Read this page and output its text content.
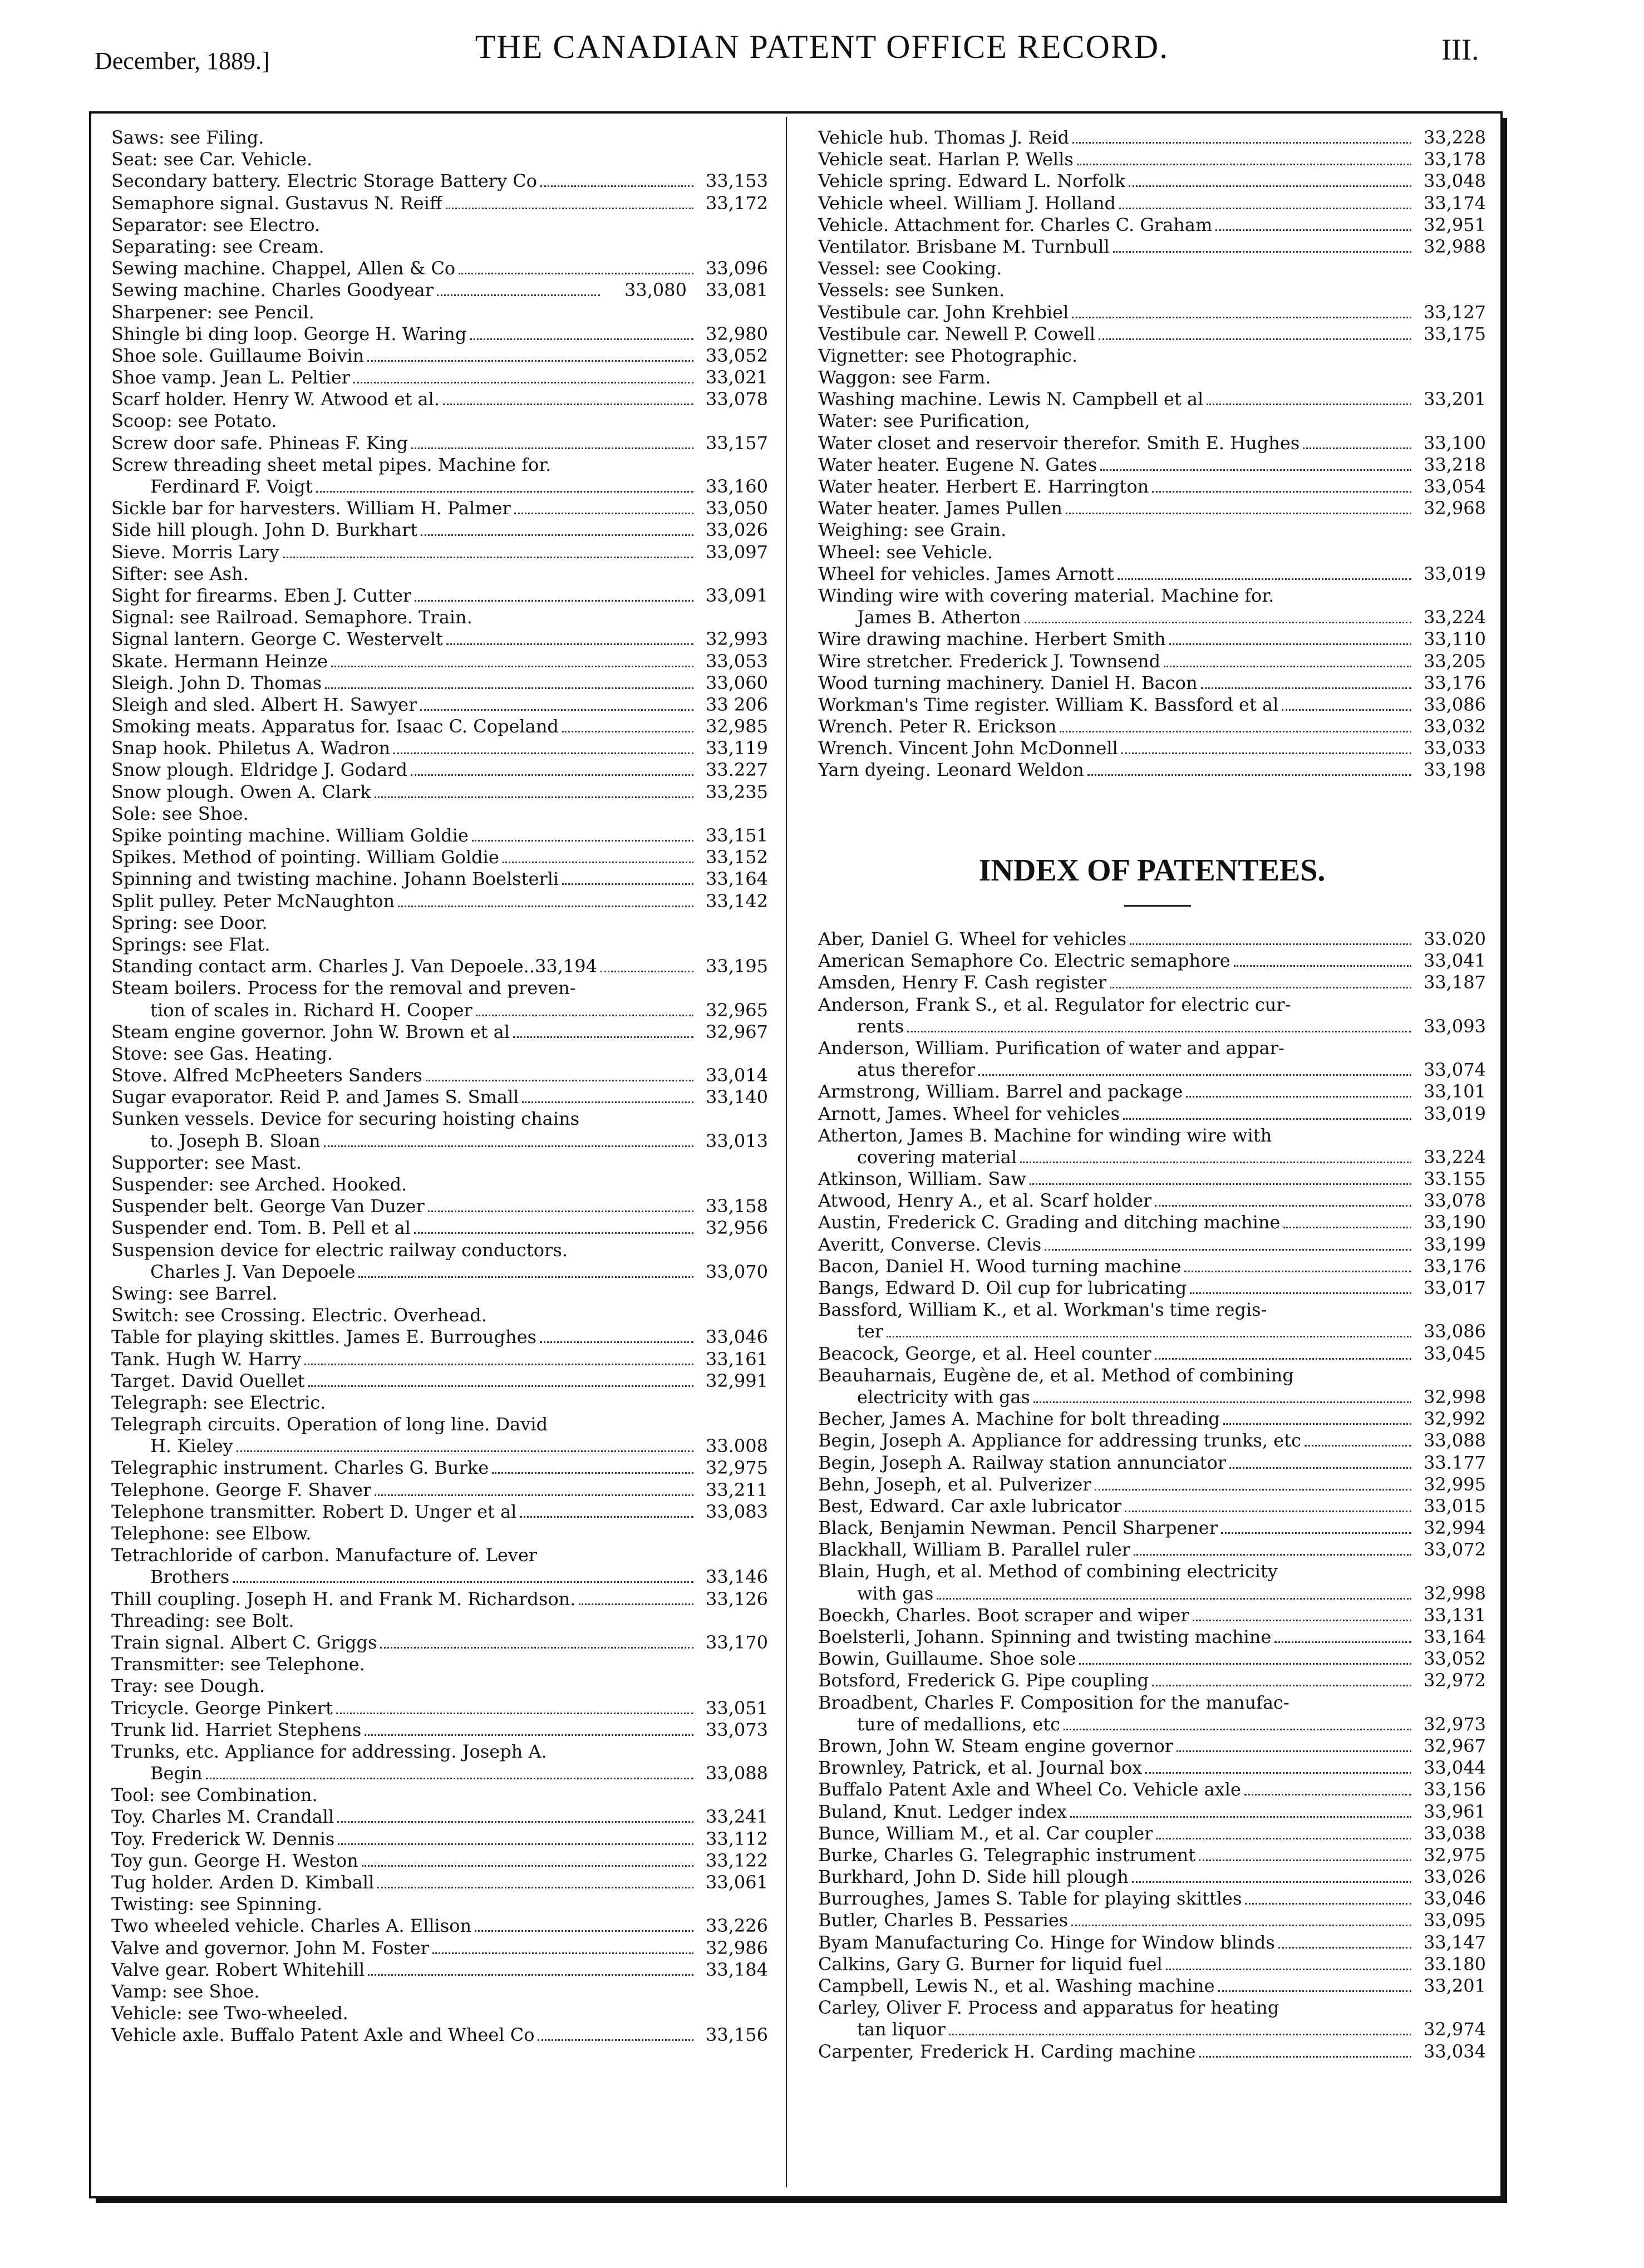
December, 1889.]	THE CANADIAN PATENT OFFICE RECORD.	III.
Saws: see Filing.
Seat: see Car. Vehicle.
Secondary battery. Electric Storage Battery Co	33,153
Semaphore signal. Gustavus N. Reiff	33,172
Separator: see Electro.
Separating: see Cream.
Sewing machine. Chappel, Allen & Co	33,096
Sewing machine. Charles Goodyear	33,080	33,081
Sharpener: see Pencil.
Shingle bi ding loop. George H. Waring	32,980
Shoe sole. Guillaume Boivin	33,052
Shoe vamp. Jean L. Peltier	33,021
Scarf holder. Henry W. Atwood et al.	33,078
Scoop: see Potato.
Screw door safe. Phineas F. King	33,157
Screw threading sheet metal pipes. Machine for.
Ferdinard F. Voigt	33,160
Sickle bar for harvesters. William H. Palmer	33,050
Side hill plough. John D. Burkhart	33,026
Sieve. Morris Lary	33,097
Sifter: see Ash.
Sight for firearms. Eben J. Cutter	33,091
Signal: see Railroad. Semaphore. Train.
Signal lantern. George C. Westervelt	32,993
Skate. Hermann Heinze	33,053
Sleigh. John D. Thomas	33,060
Sleigh and sled. Albert H. Sawyer	33 206
Smoking meats. Apparatus for. Isaac C. Copeland	32,985
Snap hook. Philetus A. Wadron	33,119
Snow plough. Eldridge J. Godard	33.227
Snow plough. Owen A. Clark	33,235
Sole: see Shoe.
Spike pointing machine. William Goldie	33,151
Spikes. Method of pointing. William Goldie	33,152
Spinning and twisting machine. Johann Boelsterli	33,164
Split pulley. Peter McNaughton	33,142
Spring: see Door.
Springs: see Flat.
Standing contact arm. Charles J. Van Depoele..33,194	33,195
Steam boilers. Process for the removal and preven-
tion of scales in. Richard H. Cooper	32,965
Steam engine governor. John W. Brown et al	32,967
Stove: see Gas. Heating.
Stove. Alfred McPheeters Sanders	33,014
Sugar evaporator. Reid P. and James S. Small	33,140
Sunken vessels. Device for securing hoisting chains
to. Joseph B. Sloan	33,013
Supporter: see Mast.
Suspender: see Arched. Hooked.
Suspender belt. George Van Duzer	33,158
Suspender end. Tom. B. Pell et al	32,956
Suspension device for electric railway conductors.
Charles J. Van Depoele	33,070
Swing: see Barrel.
Switch: see Crossing. Electric. Overhead.
Table for playing skittles. James E. Burroughes	33,046
Tank. Hugh W. Harry	33,161
Target. David Ouellet	32,991
Telegraph: see Electric.
Telegraph circuits. Operation of long line. David
H. Kieley	33.008
Telegraphic instrument. Charles G. Burke	32,975
Telephone. George F. Shaver	33,211
Telephone transmitter. Robert D. Unger et al	33,083
Telephone: see Elbow.
Tetrachloride of carbon. Manufacture of. Lever
Brothers	33,146
Thill coupling. Joseph H. and Frank M. Richardson.	33,126
Threading: see Bolt.
Train signal. Albert C. Griggs	33,170
Transmitter: see Telephone.
Tray: see Dough.
Tricycle. George Pinkert	33,051
Trunk lid. Harriet Stephens	33,073
Trunks, etc. Appliance for addressing. Joseph A.
Begin	33,088
Tool: see Combination.
Toy. Charles M. Crandall	33,241
Toy. Frederick W. Dennis	33,112
Toy gun. George H. Weston	33,122
Tug holder. Arden D. Kimball	33,061
Twisting: see Spinning.
Two wheeled vehicle. Charles A. Ellison	33,226
Valve and governor. John M. Foster	32,986
Valve gear. Robert Whitehill	33,184
Vamp: see Shoe.
Vehicle: see Two-wheeled.
Vehicle axle. Buffalo Patent Axle and Wheel Co	33,156
Vehicle hub. Thomas J. Reid	33,228
Vehicle seat. Harlan P. Wells	33,178
Vehicle spring. Edward L. Norfolk	33,048
Vehicle wheel. William J. Holland	33,174
Vehicle. Attachment for. Charles C. Graham	32,951
Ventilator. Brisbane M. Turnbull	32,988
Vessel: see Cooking.
Vessels: see Sunken.
Vestibule car. John Krehbiel	33,127
Vestibule car. Newell P. Cowell	33,175
Vignetter: see Photographic.
Waggon: see Farm.
Washing machine. Lewis N. Campbell et al	33,201
Water: see Purification,
Water closet and reservoir therefor. Smith E. Hughes	33,100
Water heater. Eugene N. Gates	33,218
Water heater. Herbert E. Harrington	33,054
Water heater. James Pullen	32,968
Weighing: see Grain.
Wheel: see Vehicle.
Wheel for vehicles. James Arnott	33,019
Winding wire with covering material. Machine for.
James B. Atherton	33,224
Wire drawing machine. Herbert Smith	33,110
Wire stretcher. Frederick J. Townsend	33,205
Wood turning machinery. Daniel H. Bacon	33,176
Workman's Time register. William K. Bassford et al	33,086
Wrench. Peter R. Erickson	33,032
Wrench. Vincent John McDonnell	33,033
Yarn dyeing. Leonard Weldon	33,198
INDEX OF PATENTEES.
Aber, Daniel G. Wheel for vehicles	33.020
American Semaphore Co. Electric semaphore	33,041
Amsden, Henry F. Cash register	33,187
Anderson, Frank S., et al. Regulator for electric cur-
rents	33,093
Anderson, William. Purification of water and appar-
atus therefor	33,074
Armstrong, William. Barrel and package	33,101
Arnott, James. Wheel for vehicles	33,019
Atherton, James B. Machine for winding wire with
covering material	33,224
Atkinson, William. Saw	33.155
Atwood, Henry A., et al. Scarf holder	33,078
Austin, Frederick C. Grading and ditching machine	33,190
Averitt, Converse. Clevis	33,199
Bacon, Daniel H. Wood turning machine	33,176
Bangs, Edward D. Oil cup for lubricating	33,017
Bassford, William K., et al. Workman's time regis-
ter	33,086
Beacock, George, et al. Heel counter	33,045
Beauharnais, Eugène de, et al. Method of combining
electricity with gas	32,998
Becher, James A. Machine for bolt threading	32,992
Begin, Joseph A. Appliance for addressing trunks, etc	33,088
Begin, Joseph A. Railway station annunciator	33.177
Behn, Joseph, et al. Pulverizer	32,995
Best, Edward. Car axle lubricator	33,015
Black, Benjamin Newman. Pencil Sharpener	32,994
Blackhall, William B. Parallel ruler	33,072
Blain, Hugh, et al. Method of combining electricity
with gas	32,998
Boeckh, Charles. Boot scraper and wiper	33,131
Boelsterli, Johann. Spinning and twisting machine	33,164
Bowin, Guillaume. Shoe sole	33,052
Botsford, Frederick G. Pipe coupling	32,972
Broadbent, Charles F. Composition for the manufac-
ture of medallions, etc	32,973
Brown, John W. Steam engine governor	32,967
Brownley, Patrick, et al. Journal box	33,044
Buffalo Patent Axle and Wheel Co. Vehicle axle	33,156
Buland, Knut. Ledger index	33,961
Bunce, William M., et al. Car coupler	33,038
Burke, Charles G. Telegraphic instrument	32,975
Burkhard, John D. Side hill plough	33,026
Burroughes, James S. Table for playing skittles	33,046
Butler, Charles B. Pessaries	33,095
Byam Manufacturing Co. Hinge for Window blinds	33,147
Calkins, Gary G. Burner for liquid fuel	33.180
Campbell, Lewis N., et al. Washing machine	33,201
Carley, Oliver F. Process and apparatus for heating
tan liquor	32,974
Carpenter, Frederick H. Carding machine	33,034
